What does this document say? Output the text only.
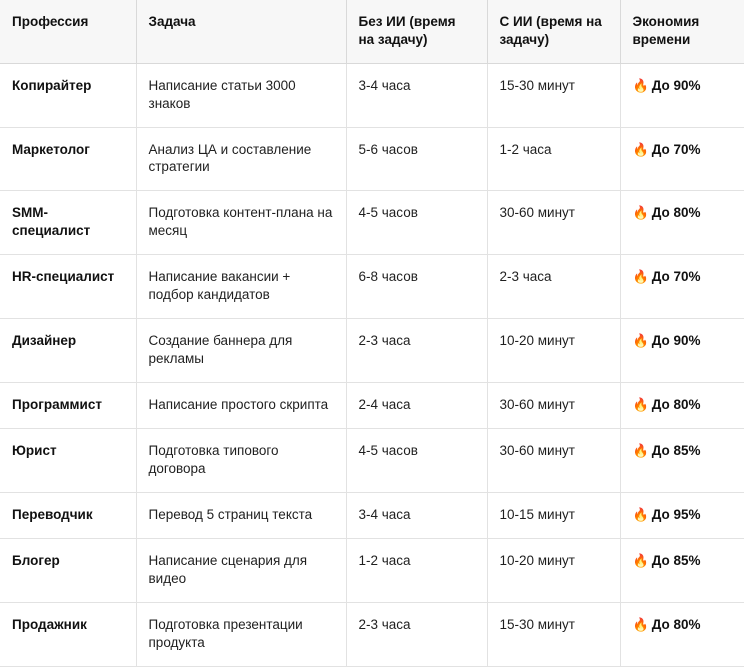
Профессия	Задача	Без ИИ (время на задачу)	С ИИ (время на задачу)	Экономия времени
Копирайтер	Написание статьи 3000 знаков	3-4 часа	15-30 минут	🔥 До 90%
Маркетолог	Анализ ЦА и составление стратегии	5-6 часов	1-2 часа	🔥 До 70%
SMM-специалист	Подготовка контент-плана на месяц	4-5 часов	30-60 минут	🔥 До 80%
HR-специалист	Написание вакансии + подбор кандидатов	6-8 часов	2-3 часа	🔥 До 70%
Дизайнер	Создание баннера для рекламы	2-3 часа	10-20 минут	🔥 До 90%
Программист	Написание простого скрипта	2-4 часа	30-60 минут	🔥 До 80%
Юрист	Подготовка типового договора	4-5 часов	30-60 минут	🔥 До 85%
Переводчик	Перевод 5 страниц текста	3-4 часа	10-15 минут	🔥 До 95%
Блогер	Написание сценария для видео	1-2 часа	10-20 минут	🔥 До 85%
Продажник	Подготовка презентации продукта	2-3 часа	15-30 минут	🔥 До 80%
